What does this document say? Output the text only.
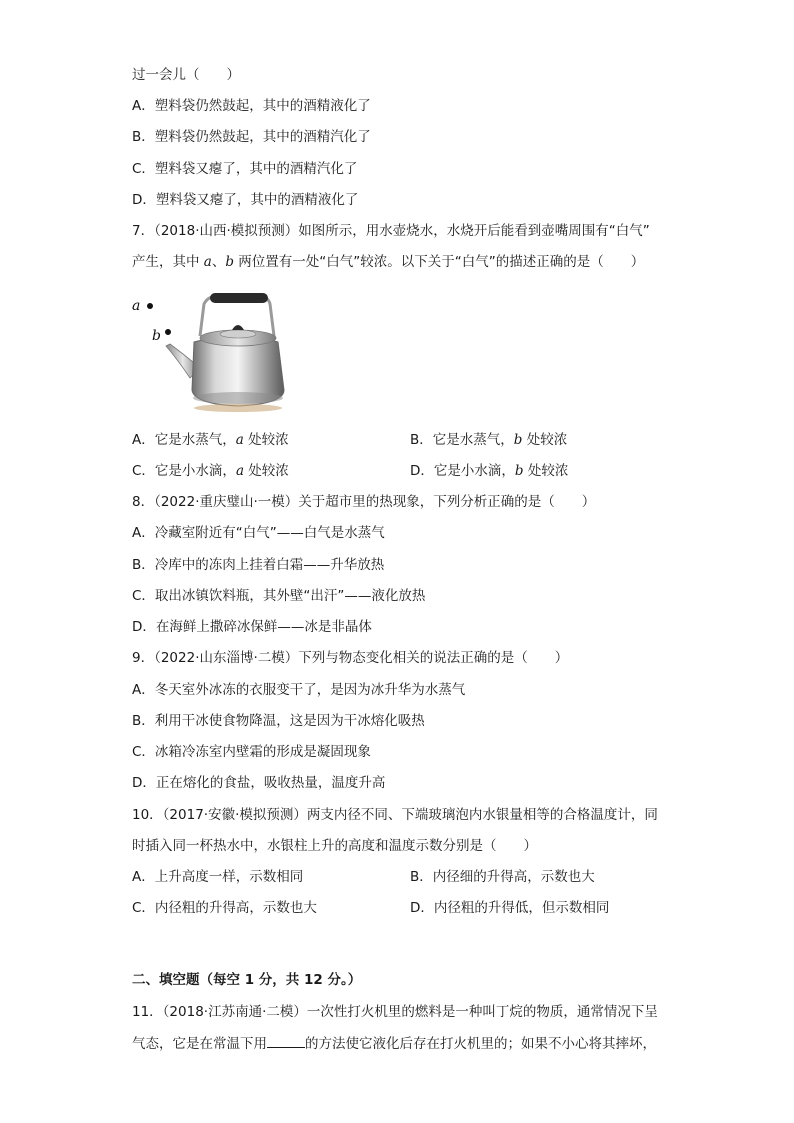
过一会儿（　　）
A．塑料袋仍然鼓起，其中的酒精液化了
B．塑料袋仍然鼓起，其中的酒精汽化了
C．塑料袋又瘪了，其中的酒精汽化了
D．塑料袋又瘪了，其中的酒精液化了
7．（2018·山西·模拟预测）如图所示，用水壶烧水，水烧开后能看到壶嘴周围有“白气”
产生，其中 a、b 两位置有一处“白气”较浓。以下关于“白气”的描述正确的是（　　）
a
b
A．它是水蒸气，a 处较浓	B．它是水蒸气，b 处较浓
C．它是小水滴，a 处较浓	D．它是小水滴，b 处较浓
8．（2022·重庆璧山·一模）关于超市里的热现象，下列分析正确的是（　　）
A．冷藏室附近有“白气”——白气是水蒸气
B．冷库中的冻肉上挂着白霜——升华放热
C．取出冰镇饮料瓶，其外壁“出汗”——液化放热
D．在海鲜上撒碎冰保鲜——冰是非晶体
9．（2022·山东淄博·二模）下列与物态变化相关的说法正确的是（　　）
A．冬天室外冰冻的衣服变干了，是因为冰升华为水蒸气
B．利用干冰使食物降温，这是因为干冰熔化吸热
C．冰箱冷冻室内壁霜的形成是凝固现象
D．正在熔化的食盐，吸收热量，温度升高
10．（2017·安徽·模拟预测）两支内径不同、下端玻璃泡内水银量相等的合格温度计，同
时插入同一杯热水中，水银柱上升的高度和温度示数分别是（　　）
A．上升高度一样，示数相同	B．内径细的升得高，示数也大
C．内径粗的升得高，示数也大	D．内径粗的升得低，但示数相同
二、填空题（每空 1 分，共 12 分。）
11．（2018·江苏南通·二模）一次性打火机里的燃料是一种叫丁烷的物质，通常情况下呈
气态，它是在常温下用	的方法使它液化后存在打火机里的；如果不小心将其摔坏，
